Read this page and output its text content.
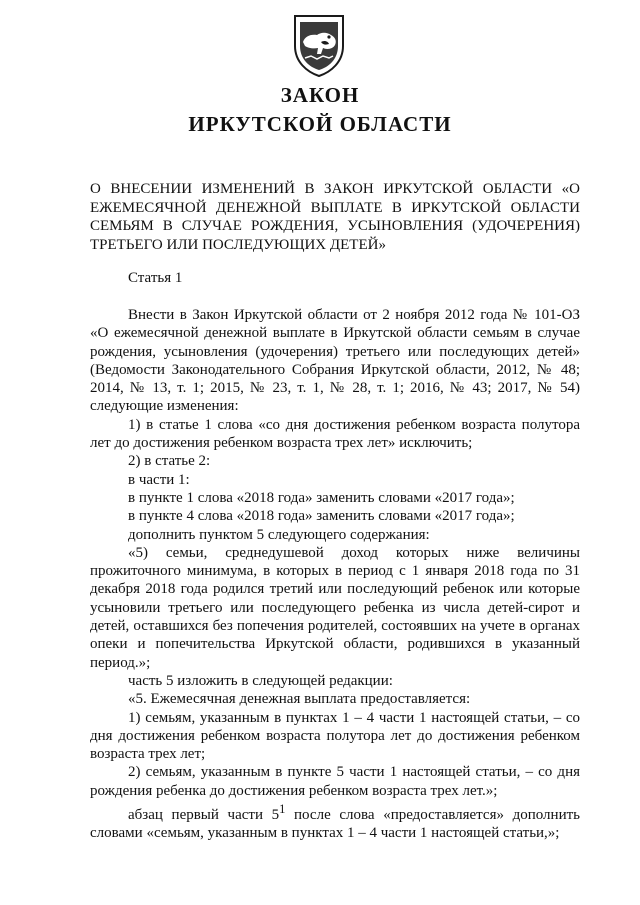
ЗАКОН
ИРКУТСКОЙ ОБЛАСТИ

О ВНЕСЕНИИ ИЗМЕНЕНИЙ В ЗАКОН ИРКУТСКОЙ ОБЛАСТИ «О ЕЖЕМЕСЯЧНОЙ ДЕНЕЖНОЙ ВЫПЛАТЕ В ИРКУТСКОЙ ОБЛАСТИ СЕМЬЯМ В СЛУЧАЕ РОЖДЕНИЯ, УСЫНОВЛЕНИЯ (УДОЧЕРЕНИЯ) ТРЕТЬЕГО ИЛИ ПОСЛЕДУЮЩИХ ДЕТЕЙ»

Статья 1

Внести в Закон Иркутской области от 2 ноября 2012 года № 101-ОЗ «О ежемесячной денежной выплате в Иркутской области семьям в случае рождения, усыновления (удочерения) третьего или последующих детей» (Ведомости Законодательного Собрания Иркутской области, 2012, № 48; 2014, № 13, т. 1; 2015, № 23, т. 1, № 28, т. 1; 2016, № 43; 2017, № 54) следующие изменения:

1) в статье 1 слова «со дня достижения ребенком возраста полутора лет до достижения ребенком возраста трех лет» исключить;

2) в статье 2:

в части 1:

в пункте 1 слова «2018 года» заменить словами «2017 года»;

в пункте 4 слова «2018 года» заменить словами «2017 года»;

дополнить пунктом 5 следующего содержания:

«5) семьи, среднедушевой доход которых ниже величины прожиточного минимума, в которых в период с 1 января 2018 года по 31 декабря 2018 года родился третий или последующий ребенок или которые усыновили третьего или последующего ребенка из числа детей-сирот и детей, оставшихся без попечения родителей, состоявших на учете в органах опеки и попечительства Иркутской области, родившихся в указанный период.»;

часть 5 изложить в следующей редакции:

«5. Ежемесячная денежная выплата предоставляется:

1) семьям, указанным в пунктах 1 – 4 части 1 настоящей статьи, – со дня достижения ребенком возраста полутора лет до достижения ребенком возраста трех лет;

2) семьям, указанным в пункте 5 части 1 настоящей статьи, – со дня рождения ребенка до достижения ребенком возраста трех лет.»;

абзац первый части $5^1$ после слова «предоставляется» дополнить словами «семьям, указанным в пунктах 1 – 4 части 1 настоящей статьи,»;
